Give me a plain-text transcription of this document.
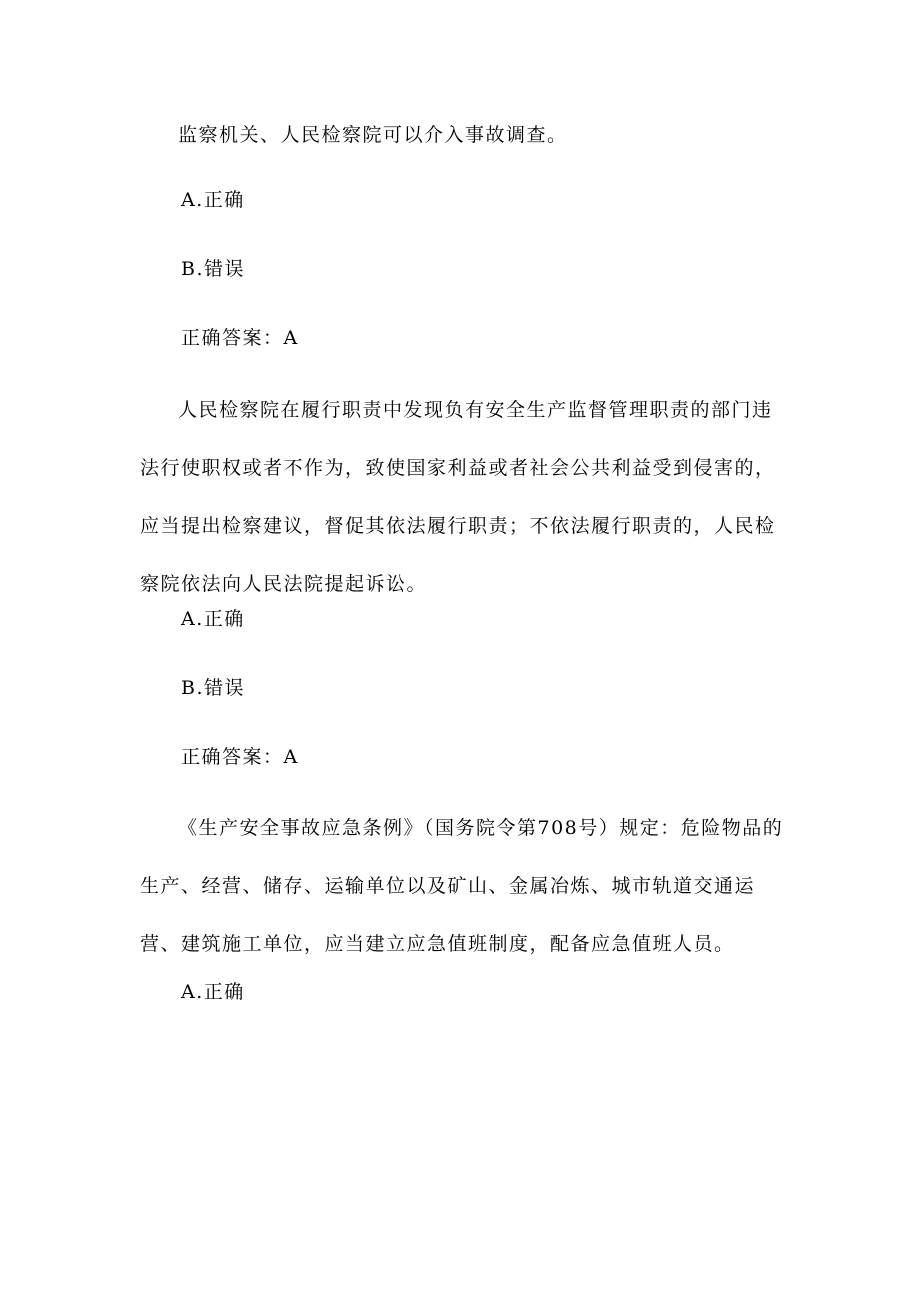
监察机关、人民检察院可以介入事故调查。

A.正确

B.错误

正确答案：A

人民检察院在履行职责中发现负有安全生产监督管理职责的部门违法行使职权或者不作为，致使国家利益或者社会公共利益受到侵害的，应当提出检察建议，督促其依法履行职责；不依法履行职责的，人民检察院依法向人民法院提起诉讼。

A.正确

B.错误

正确答案：A

《生产安全事故应急条例》（国务院令第708号）规定：危险物品的生产、经营、储存、运输单位以及矿山、金属冶炼、城市轨道交通运营、建筑施工单位，应当建立应急值班制度，配备应急值班人员。

A.正确
